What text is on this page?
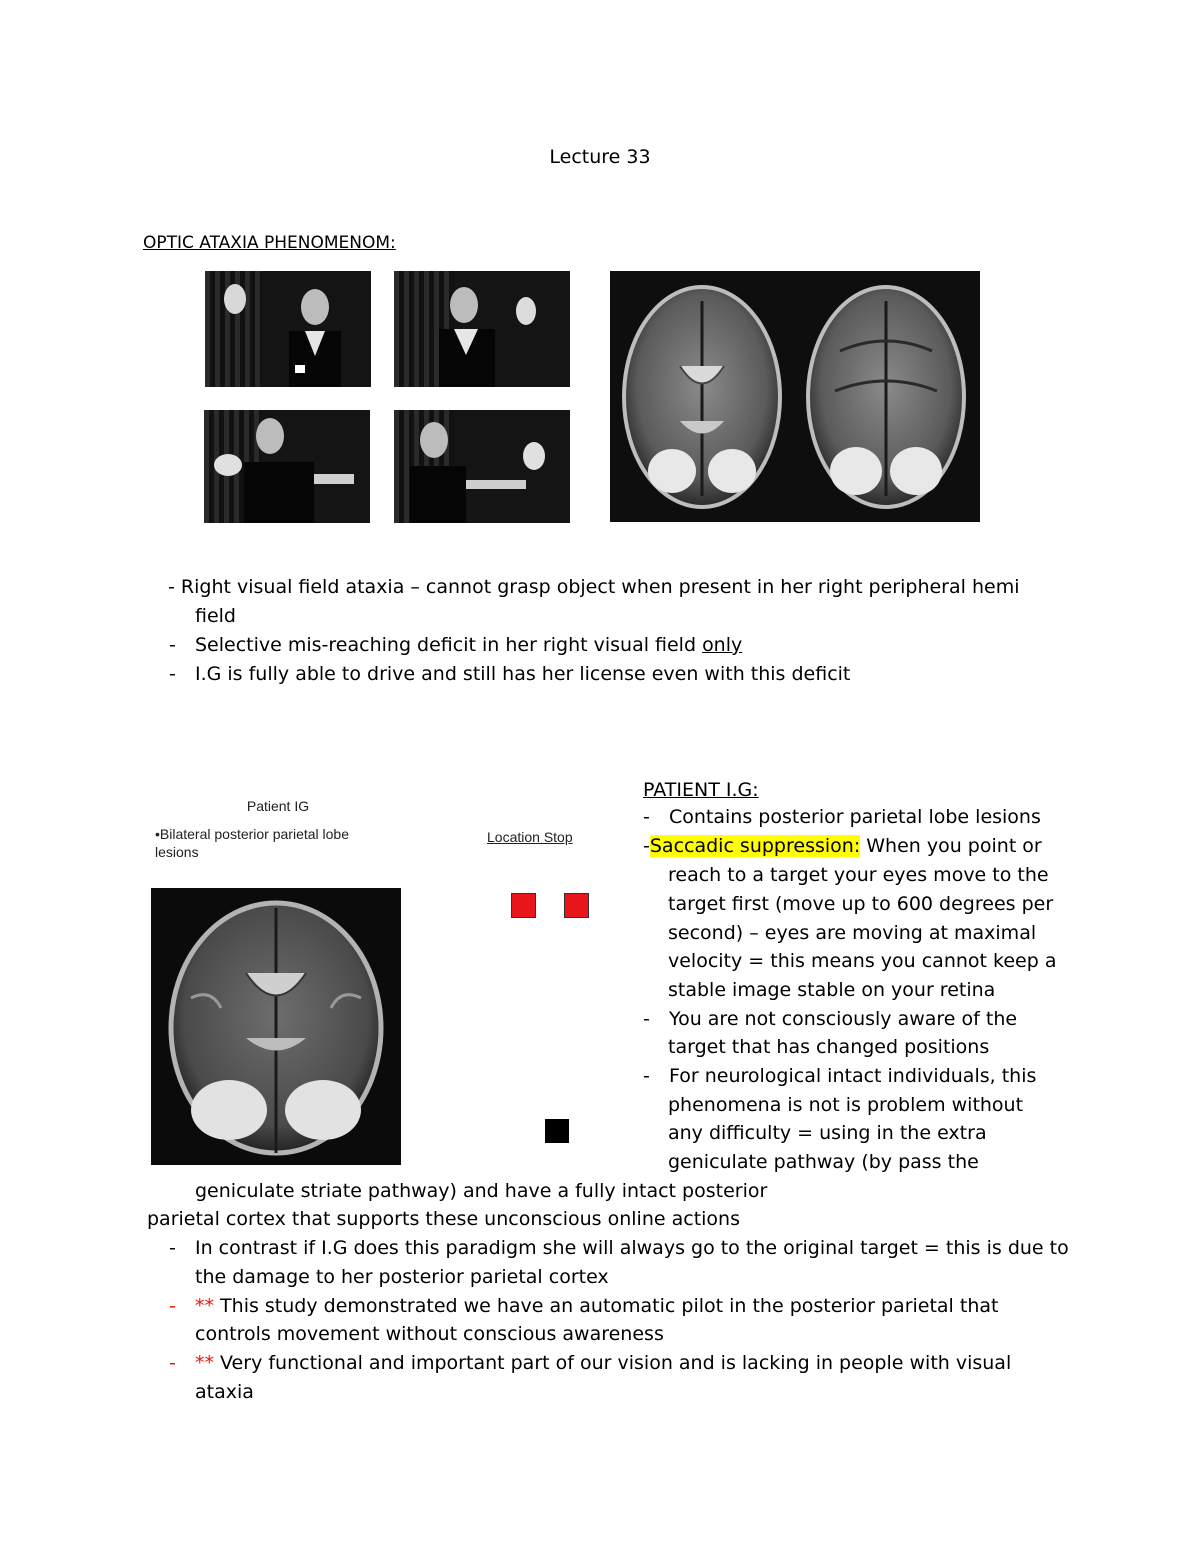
Lecture 33
OPTIC ATAXIA PHENOMENOM:
- Right visual field ataxia – cannot grasp object when present in her right peripheral hemi
field
- Selective mis-reaching deficit in her right visual field only
- I.G is fully able to drive and still has her license even with this deficit
Patient IG
•Bilateral posterior parietal lobe
lesions
Location Stop
PATIENT I.G:
- Contains posterior parietal lobe lesions
-Saccadic suppression: When you point or
reach to a target your eyes move to the
target first (move up to 600 degrees per
second) – eyes are moving at maximal
velocity = this means you cannot keep a
stable image stable on your retina
- You are not consciously aware of the
target that has changed positions
- For neurological intact individuals, this
phenomena is not is problem without
any difficulty = using in the extra
geniculate pathway (by pass the
geniculate striate pathway) and have a fully intact posterior
parietal cortex that supports these unconscious online actions
- In contrast if I.G does this paradigm she will always go to the original target = this is due to
the damage to her posterior parietal cortex
- ** This study demonstrated we have an automatic pilot in the posterior parietal that
controls movement without conscious awareness
- ** Very functional and important part of our vision and is lacking in people with visual
ataxia
